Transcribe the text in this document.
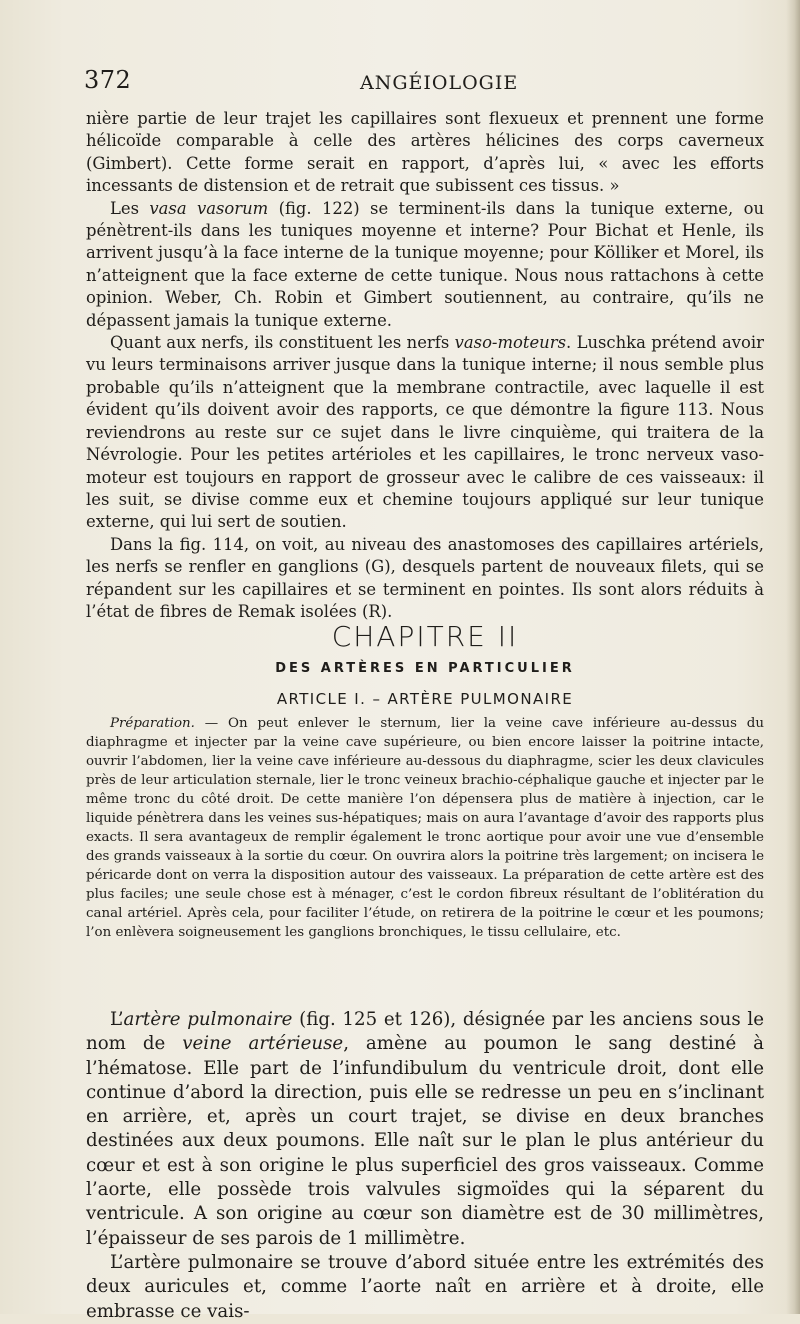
372	ANGÉIOLOGIE

nière partie de leur trajet les capillaires sont flexueux et prennent une forme hélicoïde comparable à celle des artères hélicines des corps caverneux (Gimbert). Cette forme serait en rapport, d’après lui, « avec les efforts incessants de distension et de retrait que subissent ces tissus. »

Les vasa vasorum (fig. 122) se terminent-ils dans la tunique externe, ou pénètrent-ils dans les tuniques moyenne et interne? Pour Bichat et Henle, ils arrivent jusqu’à la face interne de la tunique moyenne; pour Kölliker et Morel, ils n’atteignent que la face externe de cette tunique. Nous nous rattachons à cette opinion. Weber, Ch. Robin et Gimbert soutiennent, au contraire, qu’ils ne dépassent jamais la tunique externe.

Quant aux nerfs, ils constituent les nerfs vaso-moteurs. Luschka prétend avoir vu leurs terminaisons arriver jusque dans la tunique interne; il nous semble plus probable qu’ils n’atteignent que la membrane contractile, avec laquelle il est évident qu’ils doivent avoir des rapports, ce que démontre la figure 113. Nous reviendrons au reste sur ce sujet dans le livre cinquième, qui traitera de la Névrologie. Pour les petites artérioles et les capillaires, le tronc nerveux vaso-moteur est toujours en rapport de grosseur avec le calibre de ces vaisseaux: il les suit, se divise comme eux et chemine toujours appliqué sur leur tunique externe, qui lui sert de soutien.

Dans la fig. 114, on voit, au niveau des anastomoses des capillaires artériels, les nerfs se renfler en ganglions (G), desquels partent de nouveaux filets, qui se répandent sur les capillaires et se terminent en pointes. Ils sont alors réduits à l’état de fibres de Remak isolées (R).

CHAPITRE II
DES ARTÈRES EN PARTICULIER
ARTICLE I. – ARTÈRE PULMONAIRE
Préparation. — On peut enlever le sternum, lier la veine cave inférieure au-dessus du diaphragme et injecter par la veine cave supérieure, ou bien encore laisser la poitrine intacte, ouvrir l’abdomen, lier la veine cave inférieure au-dessous du diaphragme, scier les deux clavicules près de leur articulation sternale, lier le tronc veineux brachio-céphalique gauche et injecter par le même tronc du côté droit. De cette manière l’on dépensera plus de matière à injection, car le liquide pénètrera dans les veines sus-hépatiques; mais on aura l’avantage d’avoir des rapports plus exacts. Il sera avantageux de remplir également le tronc aortique pour avoir une vue d’ensemble des grands vaisseaux à la sortie du cœur. On ouvrira alors la poitrine très largement; on incisera le péricarde dont on verra la disposition autour des vaisseaux. La préparation de cette artère est des plus faciles; une seule chose est à ménager, c’est le cordon fibreux résultant de l’oblitération du canal artériel. Après cela, pour faciliter l’étude, on retirera de la poitrine le cœur et les poumons; l’on enlèvera soigneusement les ganglions bronchiques, le tissu cellulaire, etc.

L’artère pulmonaire (fig. 125 et 126), désignée par les anciens sous le nom de veine artérieuse, amène au poumon le sang destiné à l’hématose. Elle part de l’infundibulum du ventricule droit, dont elle continue d’abord la direction, puis elle se redresse un peu en s’inclinant en arrière, et, après un court trajet, se divise en deux branches destinées aux deux poumons. Elle naît sur le plan le plus antérieur du cœur et est à son origine le plus superficiel des gros vaisseaux. Comme l’aorte, elle possède trois valvules sigmoïdes qui la séparent du ventricule. A son origine au cœur son diamètre est de 30 millimètres, l’épaisseur de ses parois de 1 millimètre.

L’artère pulmonaire se trouve d’abord située entre les extrémités des deux auricules et, comme l’aorte naît en arrière et à droite, elle embrasse ce vais-
